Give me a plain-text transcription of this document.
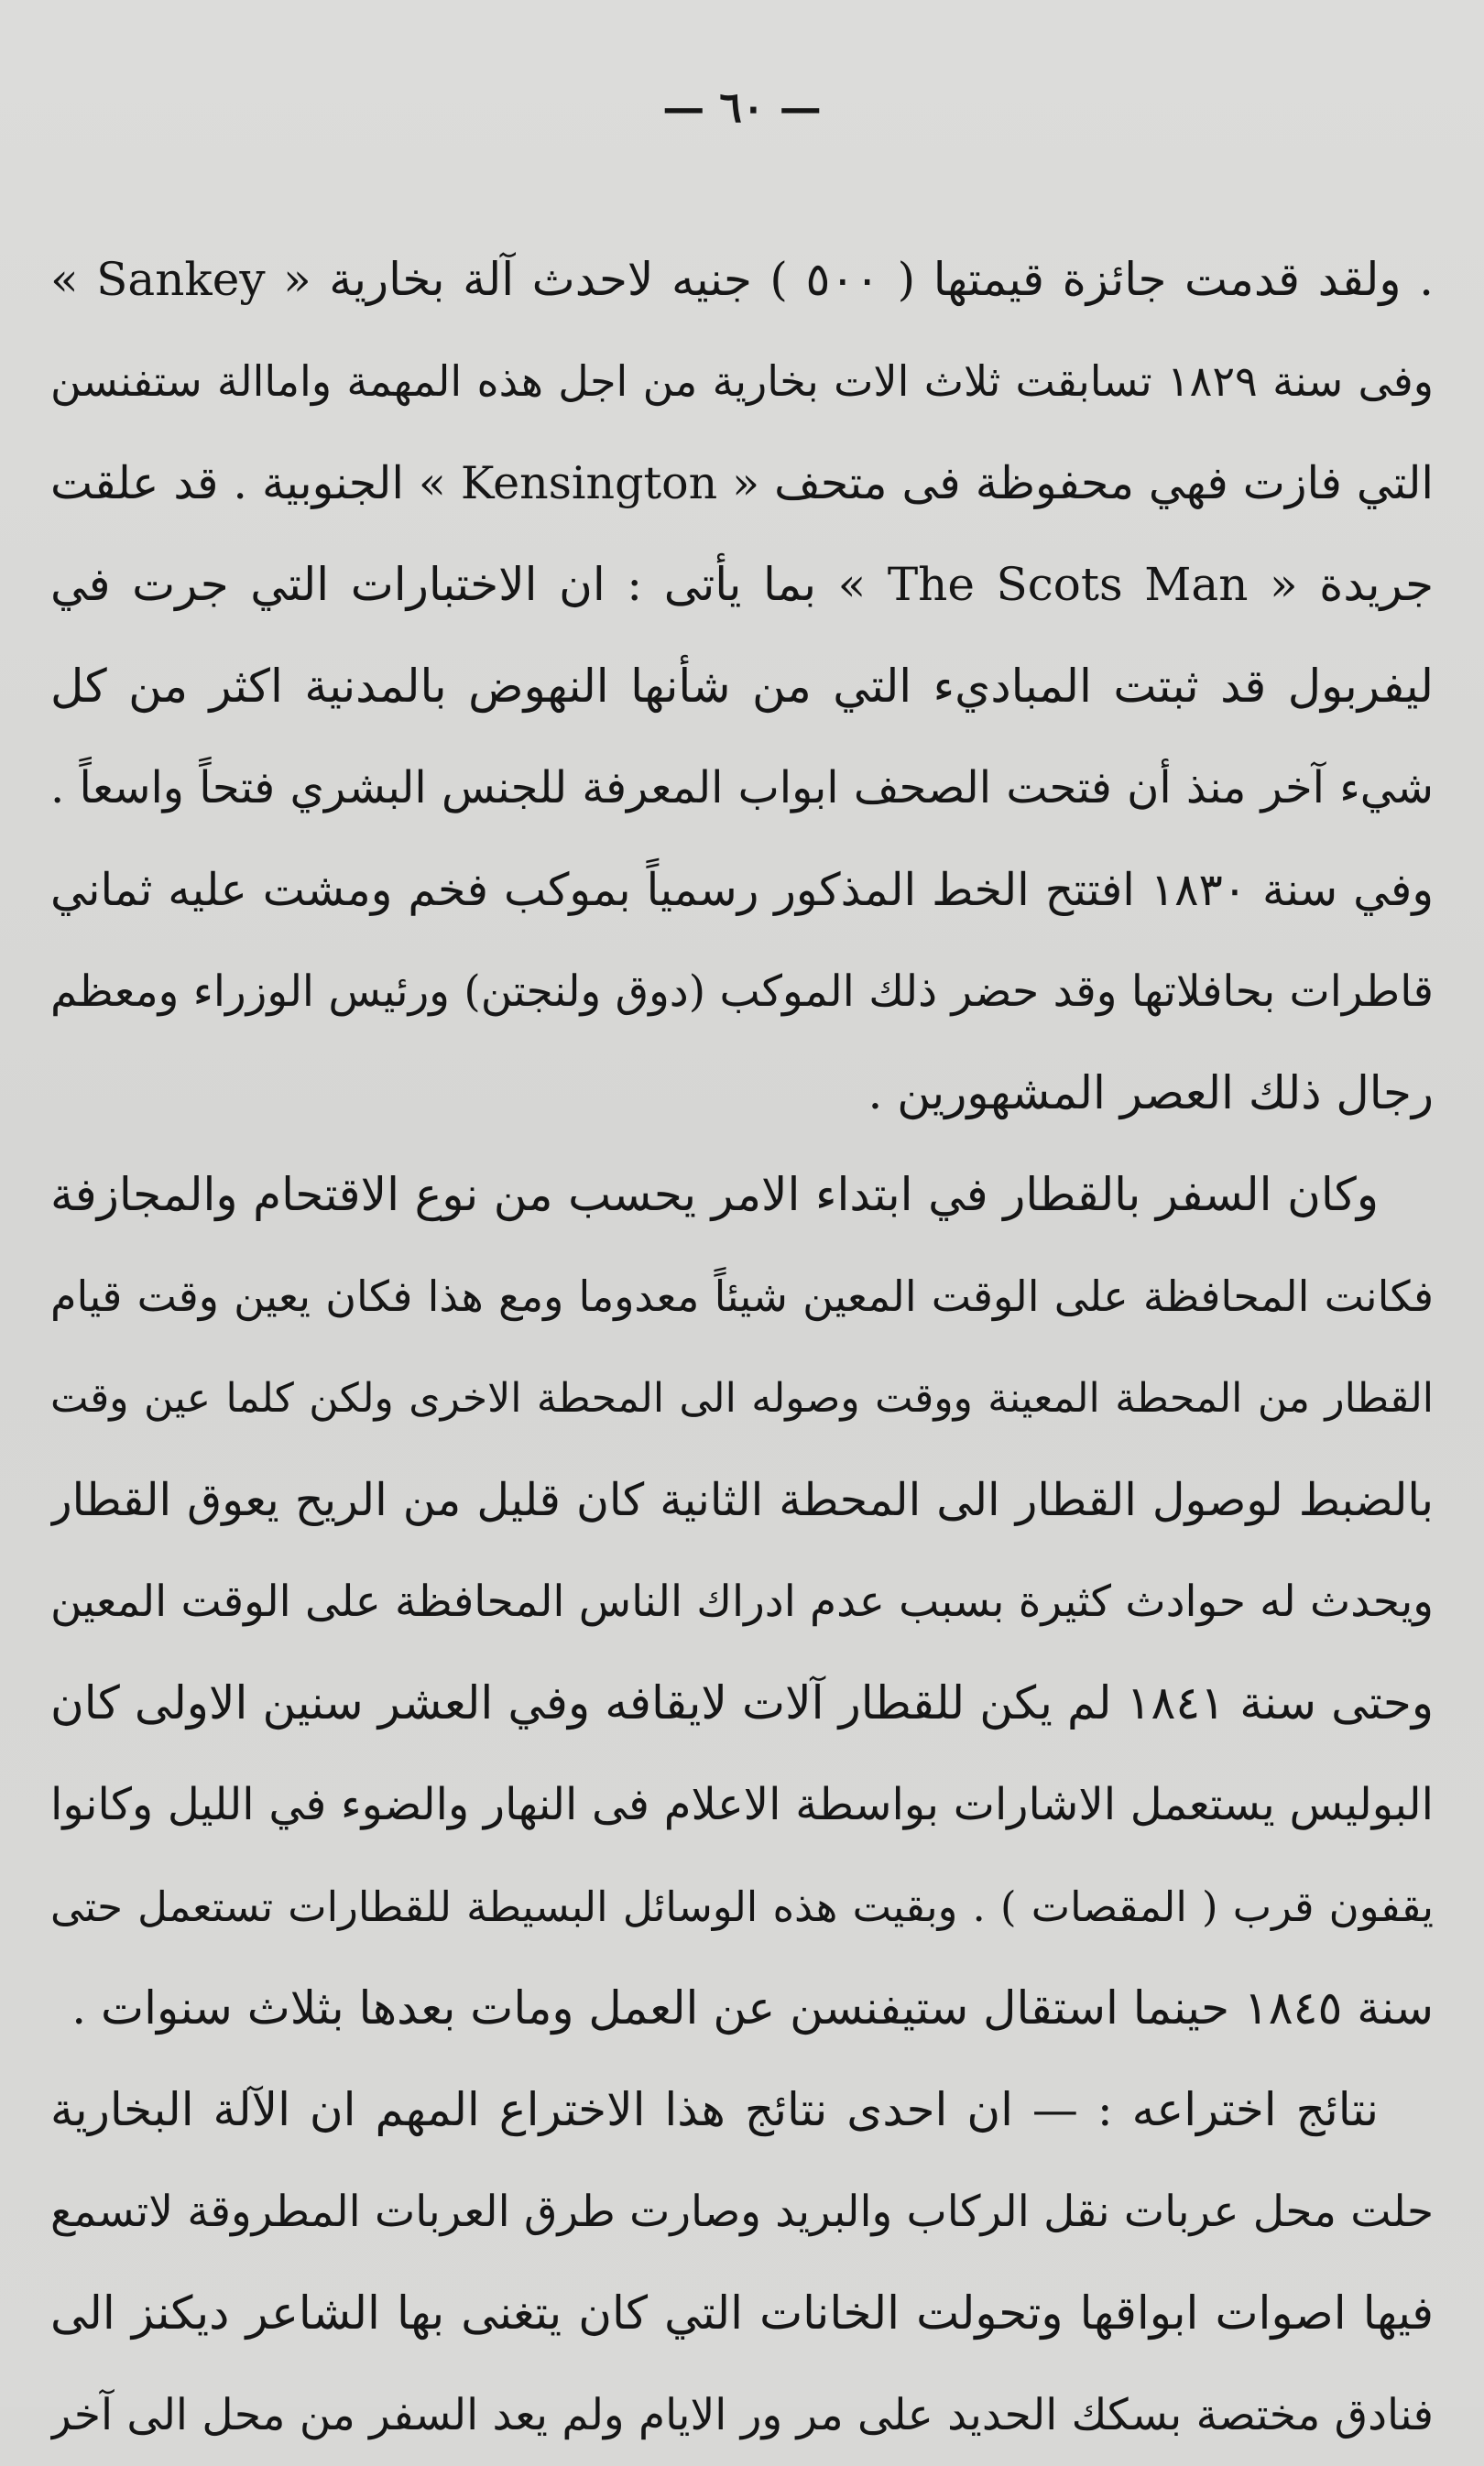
— ٦٠ —
« Sankey » ولقد قدمت جائزة قيمتها ( ٥٠٠ ) جنيه لاحدث آلة بخارية .
وفى سنة ١٨٢٩ تسابقت ثلاث الات بخارية من اجل هذه المهمة واماالة ستفنسن
التي فازت فهي محفوظة فى متحف « Kensington » الجنوبية . قد علقت
جريدة « The Scots Man » بما يأتى : ان الاختبارات التي جرت في
ليفربول قد ثبتت المباديء التي من شأنها النهوض بالمدنية اكثر من كل
شيء آخر منذ أن فتحت الصحف ابواب المعرفة للجنس البشري فتحاً واسعاً .
وفي سنة ١٨٣٠ افتتح الخط المذكور رسمياً بموكب فخم ومشت عليه ثماني
قاطرات بحافلاتها وقد حضر ذلك الموكب (دوق ولنجتن) ورئيس الوزراء ومعظم
رجال ذلك العصر المشهورين .
وكان السفر بالقطار في ابتداء الامر يحسب من نوع الاقتحام والمجازفة
فكانت المحافظة على الوقت المعين شيئاً معدوما ومع هذا فكان يعين وقت قيام
القطار من المحطة المعينة ووقت وصوله الى المحطة الاخرى ولكن كلما عين وقت
بالضبط لوصول القطار الى المحطة الثانية كان قليل من الريح يعوق القطار
ويحدث له حوادث كثيرة بسبب عدم ادراك الناس المحافظة على الوقت المعين
وحتى سنة ١٨٤١ لم يكن للقطار آلات لايقافه وفي العشر سنين الاولى كان
البوليس يستعمل الاشارات بواسطة الاعلام فى النهار والضوء في الليل وكانوا
يقفون قرب ( المقصات ) . وبقيت هذه الوسائل البسيطة للقطارات تستعمل حتى
سنة ١٨٤٥ حينما استقال ستيفنسن عن العمل ومات بعدها بثلاث سنوات .
نتائج اختراعه : — ان احدى نتائج هذا الاختراع المهم ان الآلة البخارية
حلت محل عربات نقل الركاب والبريد وصارت طرق العربات المطروقة لاتسمع
فيها اصوات ابواقها وتحولت الخانات التي كان يتغنى بها الشاعر ديكنز الى
فنادق مختصة بسكك الحديد على مر ور الايام ولم يعد السفر من محل الى آخر
